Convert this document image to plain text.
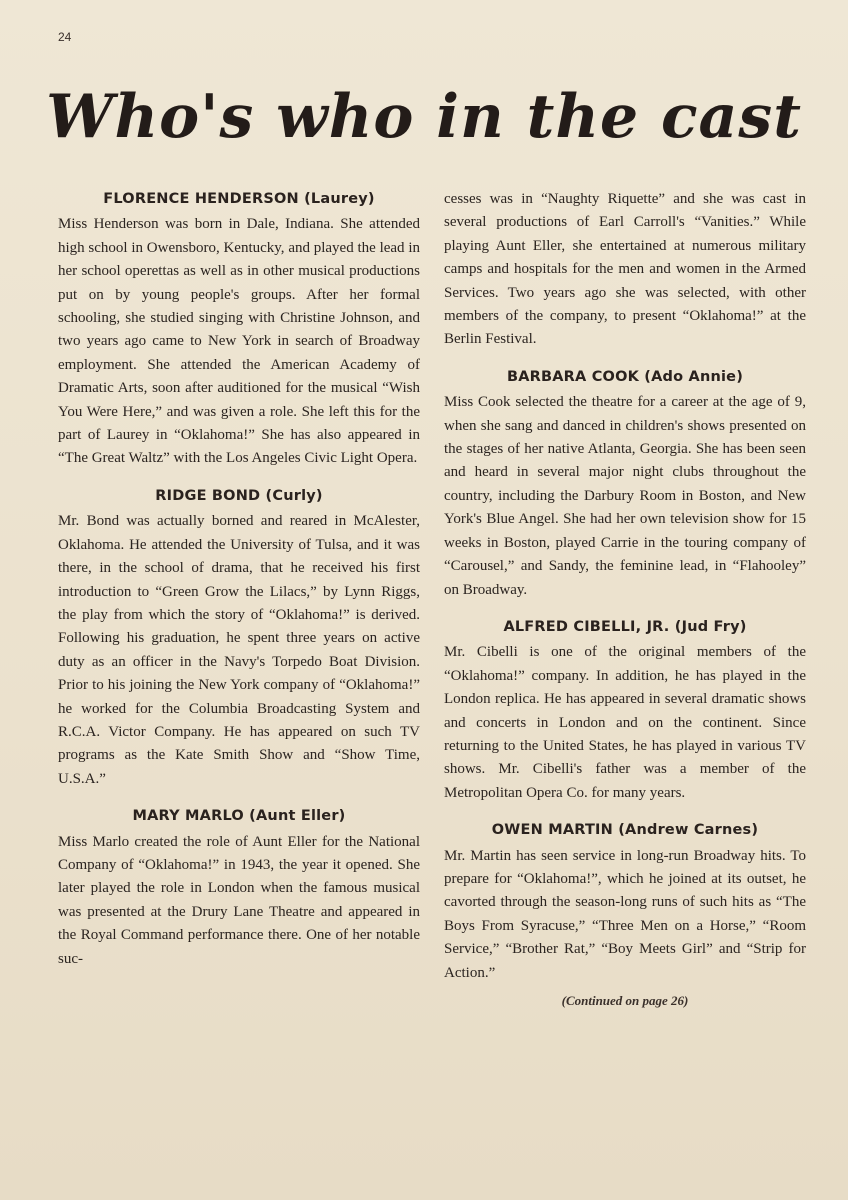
24
Who's who in the cast
FLORENCE HENDERSON (Laurey)

Miss Henderson was born in Dale, Indiana. She attended high school in Owensboro, Kentucky, and played the lead in her school operettas as well as in other musical productions put on by young people's groups. After her formal schooling, she studied singing with Christine Johnson, and two years ago came to New York in search of Broadway employment. She attended the American Academy of Dramatic Arts, soon after auditioned for the musical “Wish You Were Here,” and was given a role. She left this for the part of Laurey in “Oklahoma!” She has also appeared in “The Great Waltz” with the Los Angeles Civic Light Opera.

RIDGE BOND (Curly)

Mr. Bond was actually borned and reared in McAlester, Oklahoma. He attended the University of Tulsa, and it was there, in the school of drama, that he received his first introduction to “Green Grow the Lilacs,” by Lynn Riggs, the play from which the story of “Oklahoma!” is derived. Following his graduation, he spent three years on active duty as an officer in the Navy's Torpedo Boat Division. Prior to his joining the New York company of “Oklahoma!” he worked for the Columbia Broadcasting System and R.C.A. Victor Company. He has appeared on such TV programs as the Kate Smith Show and “Show Time, U.S.A.”

MARY MARLO (Aunt Eller)

Miss Marlo created the role of Aunt Eller for the National Company of “Oklahoma!” in 1943, the year it opened. She later played the role in London when the famous musical was presented at the Drury Lane Theatre and appeared in the Royal Command performance there. One of her notable suc-

cesses was in “Naughty Riquette” and she was cast in several productions of Earl Carroll's “Vanities.” While playing Aunt Eller, she entertained at numerous military camps and hospitals for the men and women in the Armed Services. Two years ago she was selected, with other members of the company, to present “Oklahoma!” at the Berlin Festival.

BARBARA COOK (Ado Annie)

Miss Cook selected the theatre for a career at the age of 9, when she sang and danced in children's shows presented on the stages of her native Atlanta, Georgia. She has been seen and heard in several major night clubs throughout the country, including the Darbury Room in Boston, and New York's Blue Angel. She had her own television show for 15 weeks in Boston, played Carrie in the touring company of “Carousel,” and Sandy, the feminine lead, in “Flahooley” on Broadway.

ALFRED CIBELLI, JR. (Jud Fry)

Mr. Cibelli is one of the original members of the “Oklahoma!” company. In addition, he has played in the London replica. He has appeared in several dramatic shows and concerts in London and on the continent. Since returning to the United States, he has played in various TV shows. Mr. Cibelli's father was a member of the Metropolitan Opera Co. for many years.

OWEN MARTIN (Andrew Carnes)

Mr. Martin has seen service in long-run Broadway hits. To prepare for “Oklahoma!”, which he joined at its outset, he cavorted through the season-long runs of such hits as “The Boys From Syracuse,” “Three Men on a Horse,” “Room Service,” “Brother Rat,” “Boy Meets Girl” and “Strip for Action.”

(Continued on page 26)
